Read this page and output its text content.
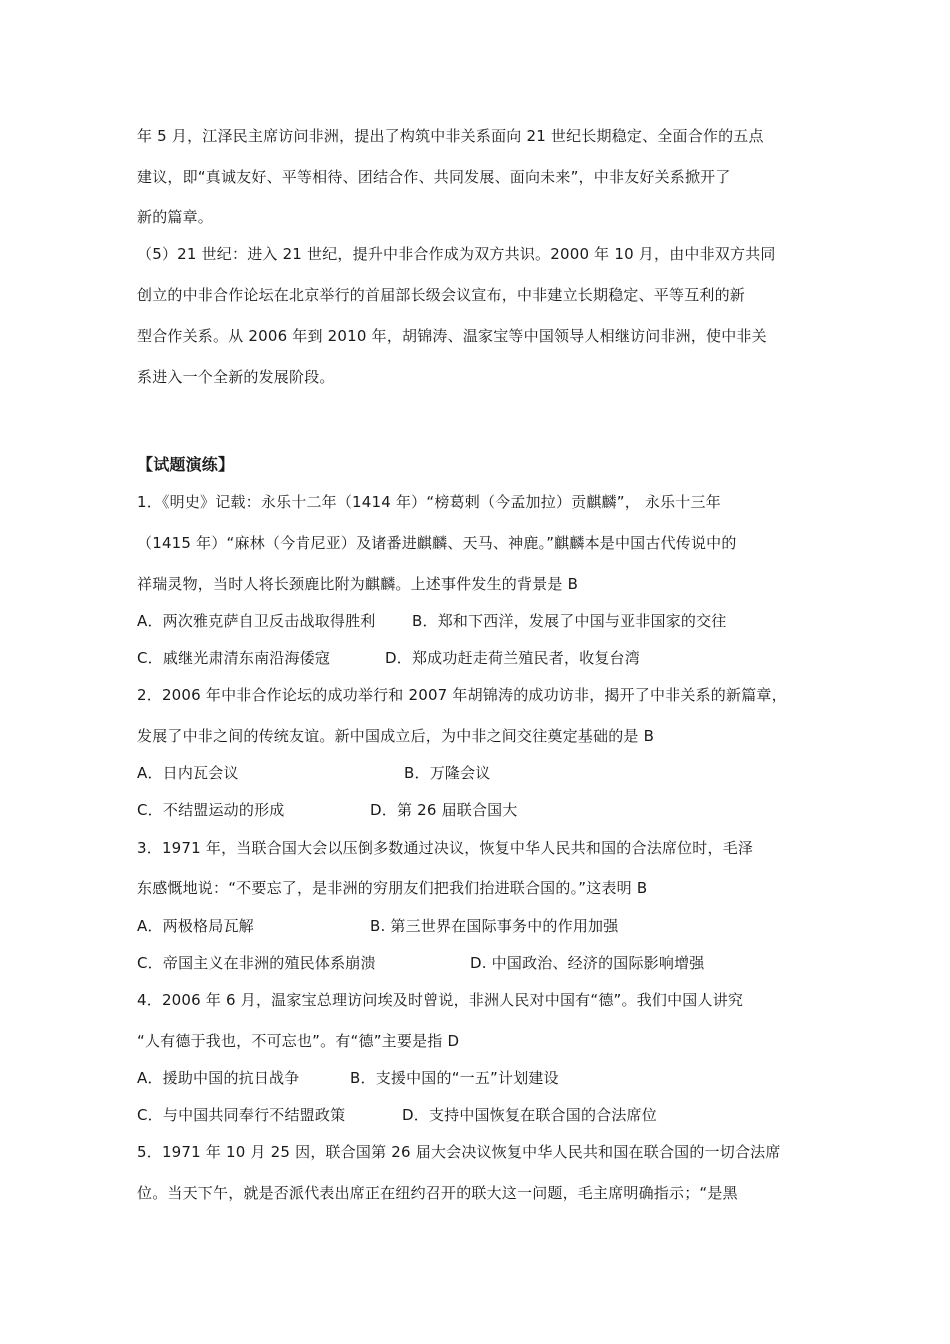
年 5 月，江泽民主席访问非洲，提出了构筑中非关系面向 21 世纪长期稳定、全面合作的五点
建议，即“真诚友好、平等相待、团结合作、共同发展、面向未来”，中非友好关系掀开了
新的篇章。
（5）21 世纪：进入 21 世纪，提升中非合作成为双方共识。2000 年 10 月，由中非双方共同
创立的中非合作论坛在北京举行的首届部长级会议宣布，中非建立长期稳定、平等互利的新
型合作关系。从 2006 年到 2010 年，胡锦涛、温家宝等中国领导人相继访问非洲，使中非关
系进入一个全新的发展阶段。
【试题演练】
1．《明史》记载：永乐十二年（1414 年）“榜葛剌（今孟加拉）贡麒麟”， 永乐十三年
（1415 年）“麻林（今肯尼亚）及诸番进麒麟、天马、神鹿。”麒麟本是中国古代传说中的
祥瑞灵物，当时人将长颈鹿比附为麒麟。上述事件发生的背景是 B
A．两次雅克萨自卫反击战取得胜利 B．郑和下西洋，发展了中国与亚非国家的交往
C．戚继光肃清东南沿海倭寇	D．郑成功赶走荷兰殖民者，收复台湾
2．2006 年中非合作论坛的成功举行和 2007 年胡锦涛的成功访非，揭开了中非关系的新篇章，
发展了中非之间的传统友谊。新中国成立后，为中非之间交往奠定基础的是 B
A．日内瓦会议	B．万隆会议
C．不结盟运动的形成	D．第 26 届联合国大
3．1971 年，当联合国大会以压倒多数通过决议，恢复中华人民共和国的合法席位时，毛泽
东感慨地说：“不要忘了，是非洲的穷朋友们把我们抬进联合国的。”这表明 B
A．两极格局瓦解	B. 第三世界在国际事务中的作用加强
C．帝国主义在非洲的殖民体系崩溃	D. 中国政治、经济的国际影响增强
4．2006 年 6 月，温家宝总理访问埃及时曾说，非洲人民对中国有“德”。我们中国人讲究
“人有德于我也，不可忘也”。有“德”主要是指 D
A．援助中国的抗日战争	B．支援中国的“一五”计划建设
C．与中国共同奉行不结盟政策	D．支持中国恢复在联合国的合法席位
5．1971 年 10 月 25 因，联合国第 26 届大会决议恢复中华人民共和国在联合国的一切合法席
位。当天下午，就是否派代表出席正在纽约召开的联大这一问题，毛主席明确指示；“是黑
